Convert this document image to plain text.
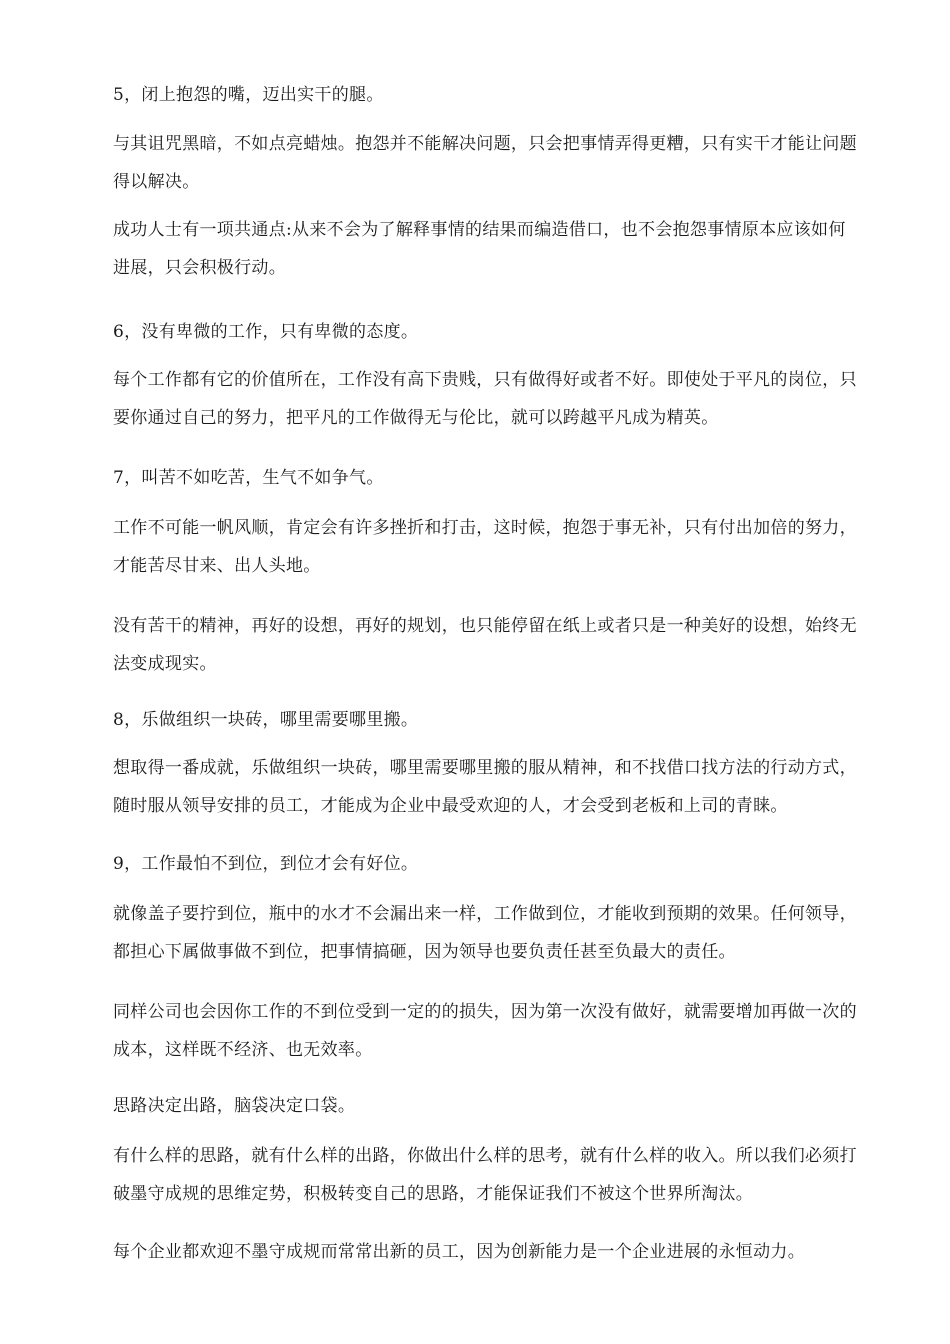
5，闭上抱怨的嘴，迈出实干的腿。

与其诅咒黑暗，不如点亮蜡烛。抱怨并不能解决问题，只会把事情弄得更糟，只有实干才能让问题得以解决。

成功人士有一项共通点:从来不会为了解释事情的结果而编造借口，也不会抱怨事情原本应该如何进展，只会积极行动。

6，没有卑微的工作，只有卑微的态度。

每个工作都有它的价值所在，工作没有高下贵贱，只有做得好或者不好。即使处于平凡的岗位，只要你通过自己的努力，把平凡的工作做得无与伦比，就可以跨越平凡成为精英。

7，叫苦不如吃苦，生气不如争气。

工作不可能一帆风顺，肯定会有许多挫折和打击，这时候，抱怨于事无补，只有付出加倍的努力，才能苦尽甘来、出人头地。

没有苦干的精神，再好的设想，再好的规划，也只能停留在纸上或者只是一种美好的设想，始终无法变成现实。

8，乐做组织一块砖，哪里需要哪里搬。

想取得一番成就，乐做组织一块砖，哪里需要哪里搬的服从精神，和不找借口找方法的行动方式，随时服从领导安排的员工，才能成为企业中最受欢迎的人，才会受到老板和上司的青睐。

9，工作最怕不到位，到位才会有好位。

就像盖子要拧到位，瓶中的水才不会漏出来一样，工作做到位，才能收到预期的效果。任何领导，都担心下属做事做不到位，把事情搞砸，因为领导也要负责任甚至负最大的责任。

同样公司也会因你工作的不到位受到一定的的损失，因为第一次没有做好，就需要增加再做一次的成本，这样既不经济、也无效率。

思路决定出路，脑袋决定口袋。

有什么样的思路，就有什么样的出路，你做出什么样的思考，就有什么样的收入。所以我们必须打破墨守成规的思维定势，积极转变自己的思路，才能保证我们不被这个世界所淘汰。

每个企业都欢迎不墨守成规而常常出新的员工，因为创新能力是一个企业进展的永恒动力。
